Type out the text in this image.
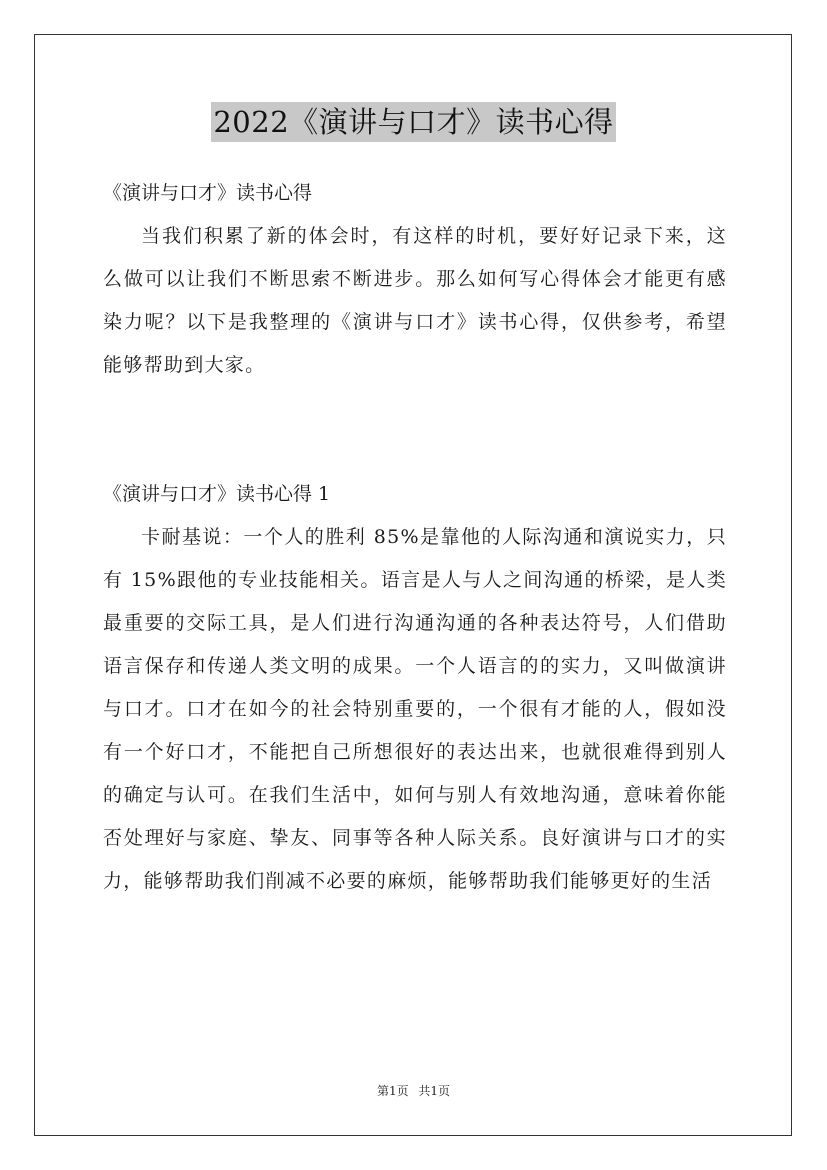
2022《演讲与口才》读书心得
《演讲与口才》读书心得

当我们积累了新的体会时，有这样的时机，要好好记录下来，这么做可以让我们不断思索不断进步。那么如何写心得体会才能更有感染力呢？以下是我整理的《演讲与口才》读书心得，仅供参考，希望能够帮助到大家。

《演讲与口才》读书心得 1

卡耐基说：一个人的胜利 85%是靠他的人际沟通和演说实力，只有 15%跟他的专业技能相关。语言是人与人之间沟通的桥梁，是人类最重要的交际工具，是人们进行沟通沟通的各种表达符号，人们借助语言保存和传递人类文明的成果。一个人语言的的实力，又叫做演讲与口才。口才在如今的社会特别重要的，一个很有才能的人，假如没有一个好口才，不能把自己所想很好的表达出来，也就很难得到别人的确定与认可。在我们生活中，如何与别人有效地沟通，意味着你能否处理好与家庭、挚友、同事等各种人际关系。良好演讲与口才的实力，能够帮助我们削减不必要的麻烦，能够帮助我们能够更好的生活

第1页 共1页
